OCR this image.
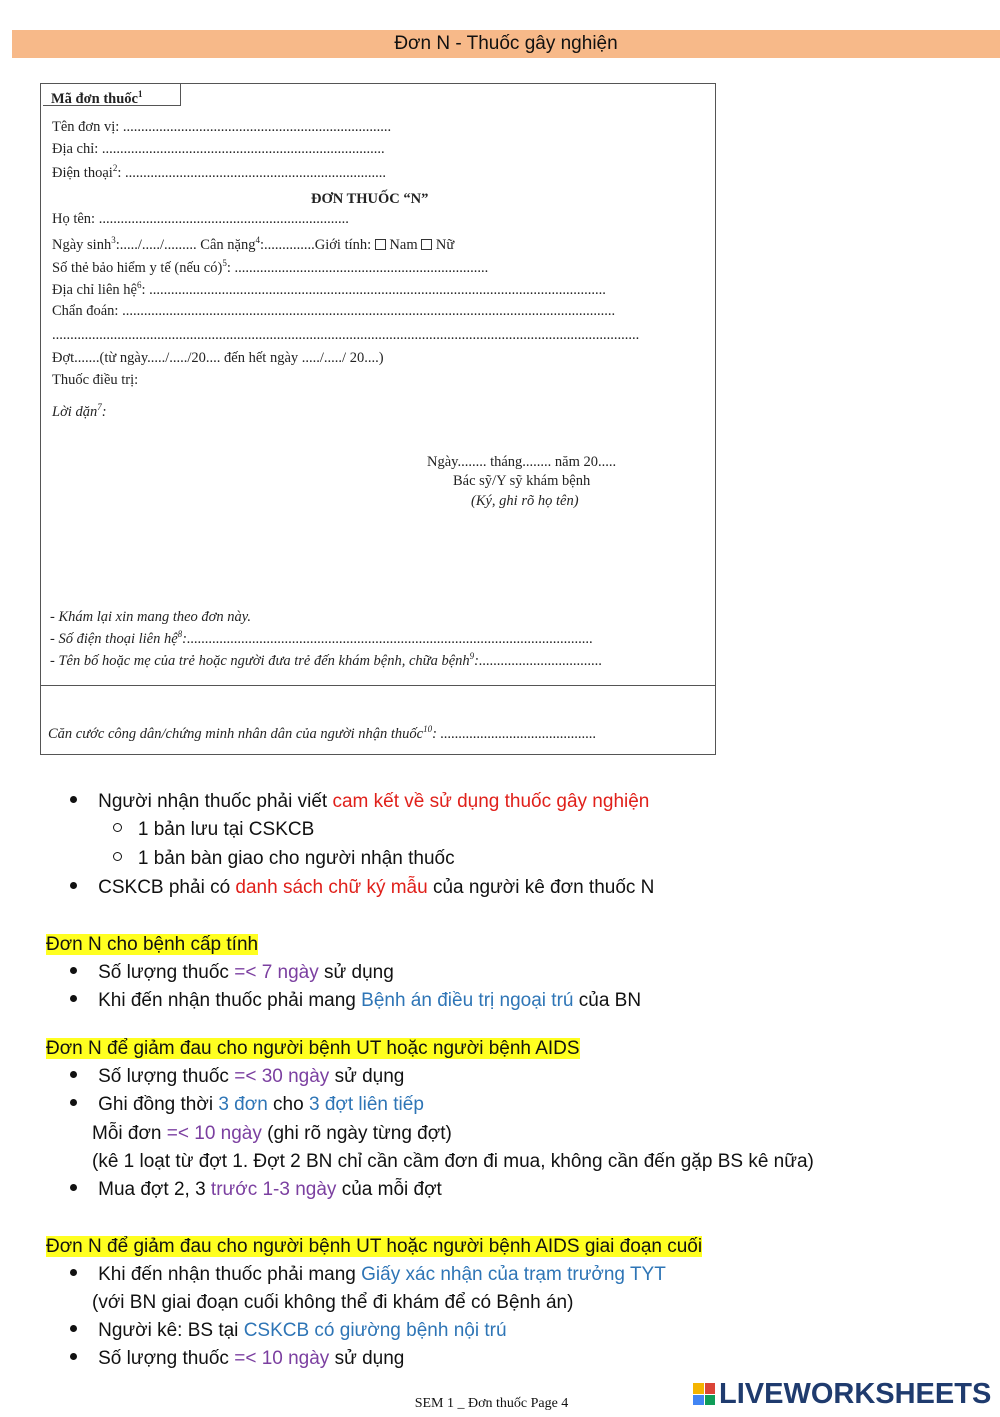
Đơn N - Thuốc gây nghiện
Mã đơn thuốc$^1$
Tên đơn vị: ..........................................................................
Địa chỉ: ..............................................................................
Điện thoại$^2$: ........................................................................
ĐƠN THUỐC “N”
Họ tên: .....................................................................
Ngày $\sinh^3:...../...../$......... Cân nặng$^4$:..............Giới tính: Nam Nữ
Số thẻ bảo hiểm y tế (nếu có)$^5$: ......................................................................
Địa chỉ liên hệ$^6$: ..............................................................................................................................
Chẩn đoán: ........................................................................................................................................
..................................................................................................................................................................
Đợt.......(từ ngày...../...../20.... đến hết ngày ...../...../ 20....)
Thuốc điều trị:
Lời dặn$^7$:
Ngày........ tháng........ năm 20.....
Bác sỹ/Y sỹ khám bệnh
(Ký, ghi rõ họ tên)
- Khám lại xin mang theo đơn này.
- Số điện thoại liên hệ$^8$:................................................................................................................
- Tên bố hoặc mẹ của trẻ hoặc người đưa trẻ đến khám bệnh, chữa bệnh$^9$:..................................
Căn cước công dân/chứng minh nhân dân của người nhận thuốc$^{10}$: ...........................................
Người nhận thuốc phải viết cam kết về sử dụng thuốc gây nghiện
1 bản lưu tại CSKCB
1 bản bàn giao cho người nhận thuốc
CSKCB phải có danh sách chữ ký mẫu của người kê đơn thuốc N
Đơn N cho bệnh cấp tính
Số lượng thuốc =< 7 ngày sử dụng
Khi đến nhận thuốc phải mang Bệnh án điều trị ngoại trú của BN
Đơn N để giảm đau cho người bệnh UT hoặc người bệnh AIDS
Số lượng thuốc =< 30 ngày sử dụng
Ghi đồng thời 3 đơn cho 3 đợt liên tiếp
Mỗi đơn =< 10 ngày (ghi rõ ngày từng đợt)
(kê 1 loạt từ đợt 1. Đợt 2 BN chỉ cần cầm đơn đi mua, không cần đến gặp BS kê nữa)
Mua đợt 2, 3 trước 1-3 ngày của mỗi đợt
Đơn N để giảm đau cho người bệnh UT hoặc người bệnh AIDS giai đoạn cuối
Khi đến nhận thuốc phải mang Giấy xác nhận của trạm trưởng TYT
(với BN giai đoạn cuối không thể đi khám để có Bệnh án)
Người kê: BS tại CSKCB có giường bệnh nội trú
Số lượng thuốc =< 10 ngày sử dụng
SEM 1 _ Đơn thuốc Page 4	LIVEWORKSHEETS
